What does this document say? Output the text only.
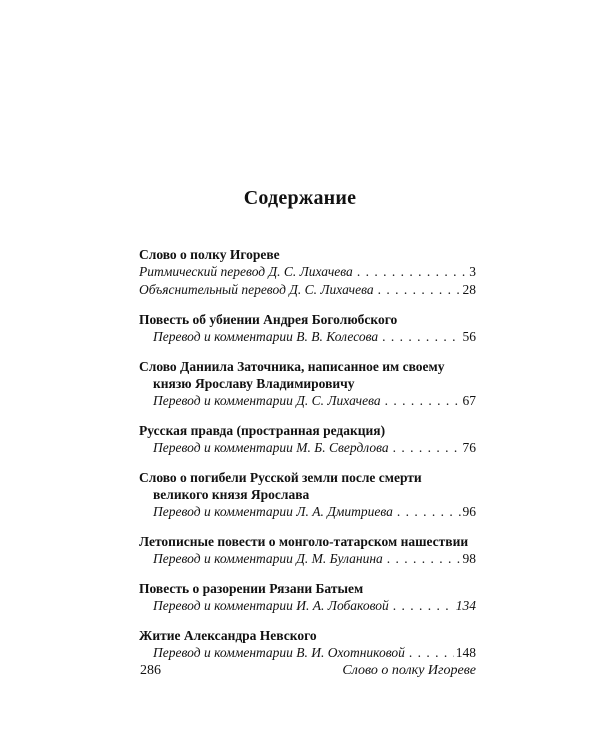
Содержание
Слово о полку Игореве
Ритмический перевод Д. С. Лихачева . . .	3
Объяснительный перевод Д. С. Лихачева . . .	28
Повесть об убиении Андрея Боголюбского
Перевод и комментарии В. В. Колесова . . .	56
Слово Даниила Заточника, написанное им своему
князю Ярославу Владимировичу
Перевод и комментарии Д. С. Лихачева . . .	67
Русская правда (пространная редакция)
Перевод и комментарии М. Б. Свердлова . . .	76
Слово о погибели Русской земли после смерти
великого князя Ярослава
Перевод и комментарии Л. А. Дмитриева . . .	96
Летописные повести о монголо-татарском нашествии
Перевод и комментарии Д. М. Буланина . . .	98
Повесть о разорении Рязани Батыем
Перевод и комментарии И. А. Лобаковой . . .	134
Житие Александра Невского
Перевод и комментарии В. И. Охотниковой . . .	148
286	Слово о полку Игореве
